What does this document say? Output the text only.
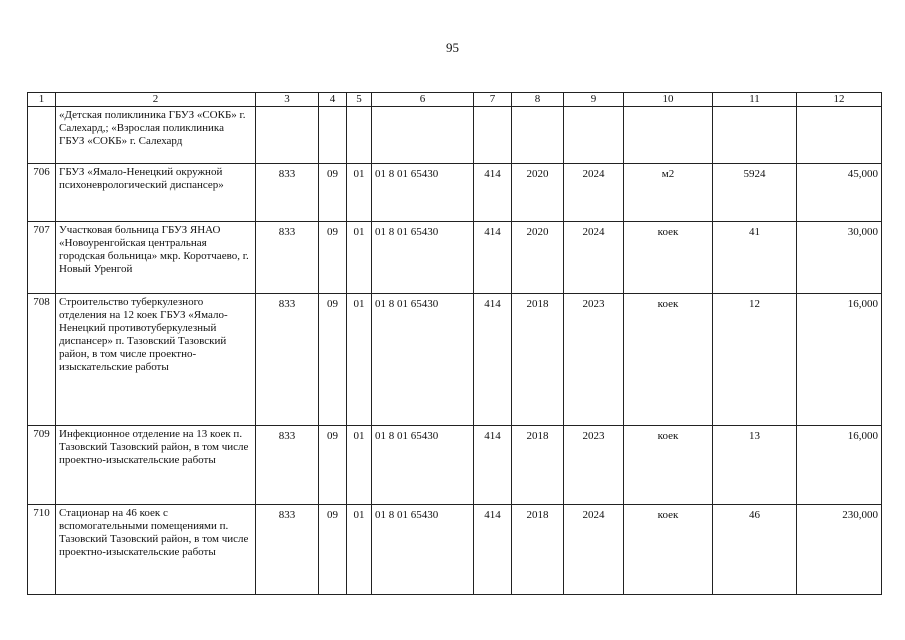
95
1	2	3	4	5	6	7	8	9	10	11	12
	«Детская поликлиника ГБУЗ «СОКБ» г. Салехард,; «Взрослая поликлиника ГБУЗ «СОКБ» г. Салехард										
706	ГБУЗ «Ямало-Ненецкий окружной психоневрологический диспансер»	833	09	01	01 8 01 65430	414	2020	2024	м2	5924	45,000
707	Участковая больница ГБУЗ ЯНАО «Новоуренгойская центральная городская больница» мкр. Коротчаево, г. Новый Уренгой	833	09	01	01 8 01 65430	414	2020	2024	коек	41	30,000
708	Строительство туберкулезного отделения на 12 коек ГБУЗ «Ямало-Ненецкий противотуберкулезный диспансер» п. Тазовский Тазовский район, в том числе проектно-изыскательские работы	833	09	01	01 8 01 65430	414	2018	2023	коек	12	16,000
709	Инфекционное отделение на 13 коек п. Тазовский Тазовский район, в том числе проектно-изыскательские работы	833	09	01	01 8 01 65430	414	2018	2023	коек	13	16,000
710	Стационар на 46 коек с вспомогательными помещениями п. Тазовский Тазовский район, в том числе проектно-изыскательские работы	833	09	01	01 8 01 65430	414	2018	2024	коек	46	230,000
